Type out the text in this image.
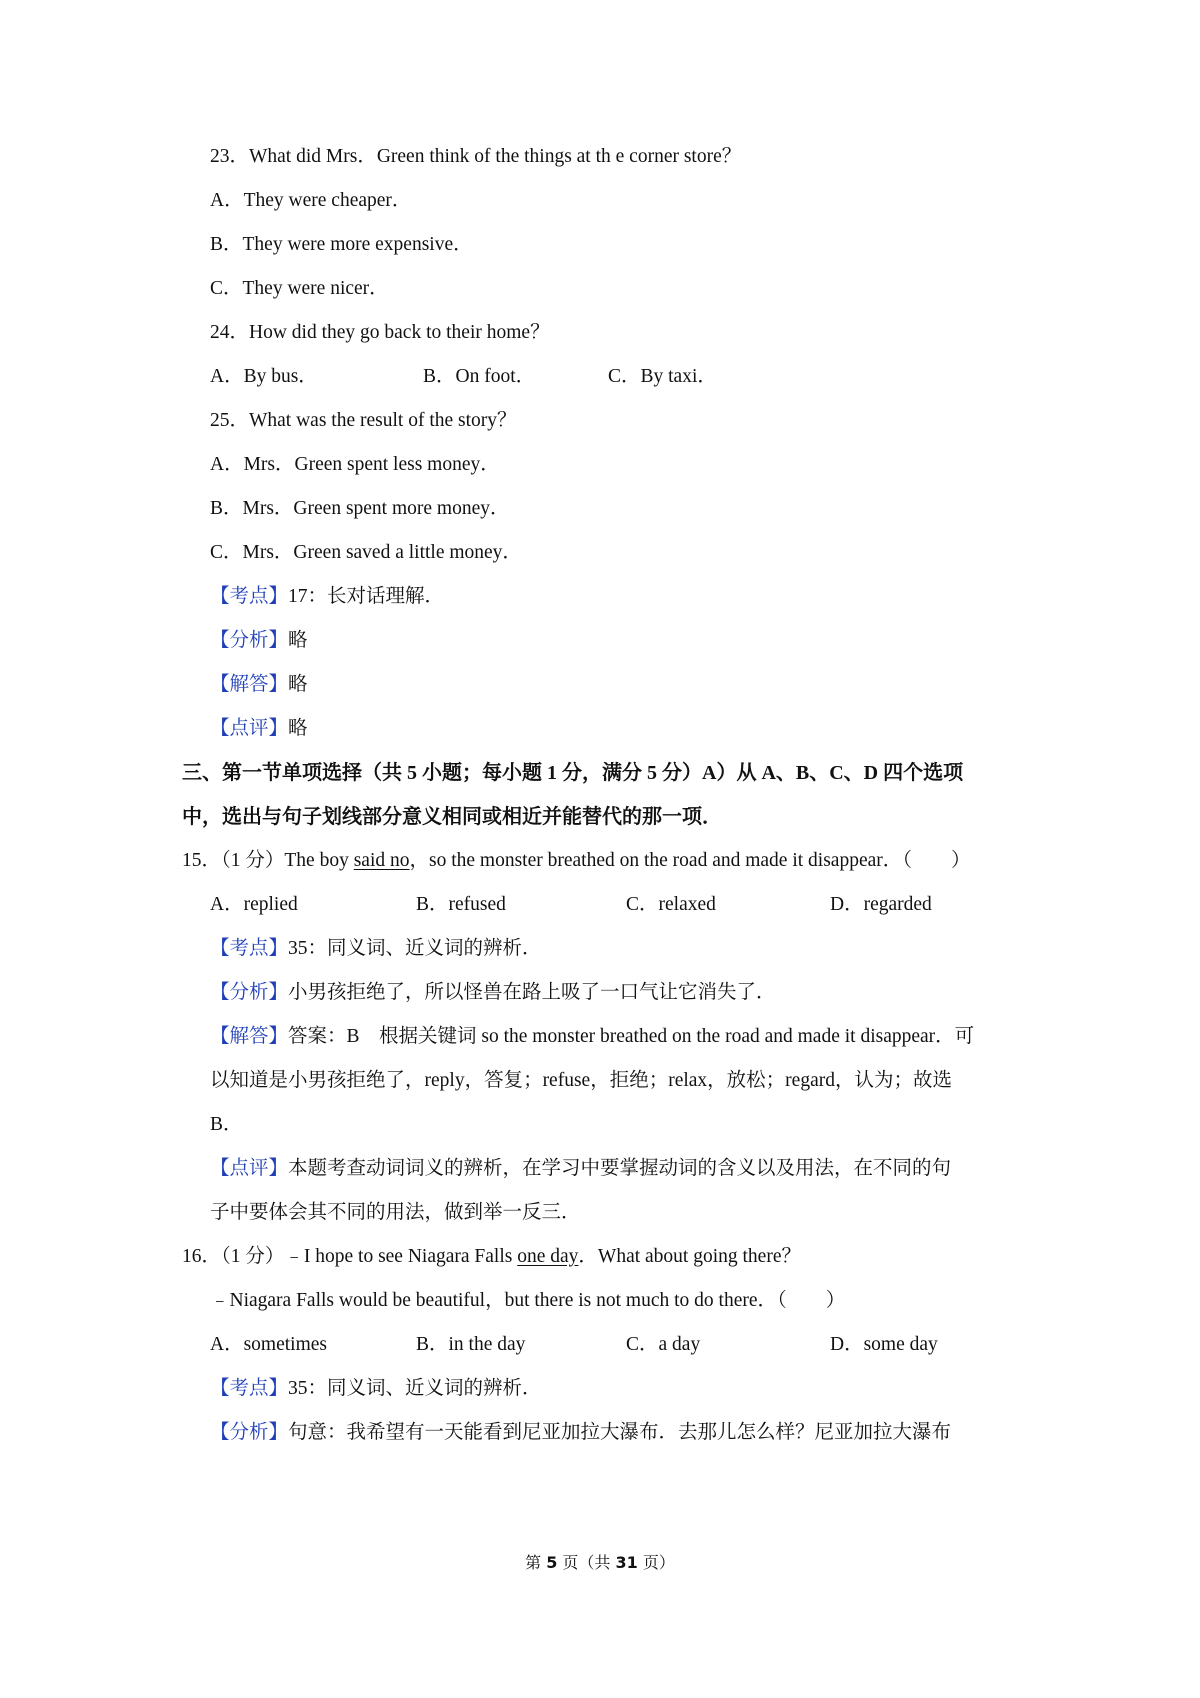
23．What did Mrs．Green think of the things at th e corner store？
A．They were cheaper．
B．They were more expensive．
C．They were nicer．
24．How did they go back to their home？
A．By bus．	B．On foot．	C．By taxi．
25．What was the result of the story？
A．Mrs．Green spent less money．
B．Mrs．Green spent more money．
C．Mrs．Green saved a little money．
【考点】17：长对话理解．
【分析】略
【解答】略
【点评】略
三、第一节单项选择（共 5 小题；每小题 1 分，满分 5 分）A）从 A、B、C、D 四个选项
中，选出与句子划线部分意义相同或相近并能替代的那一项．
15．（1 分）The boy said no，so the monster breathed on the road and made it disappear．（　　）
A．replied	B．refused	C．relaxed	D．regarded
【考点】35：同义词、近义词的辨析．
【分析】小男孩拒绝了，所以怪兽在路上吸了一口气让它消失了．
【解答】答案：B　根据关键词 so the monster breathed on the road and made it disappear．可
以知道是小男孩拒绝了，reply，答复；refuse，拒绝；relax，放松；regard，认为；故选
B．
【点评】本题考查动词词义的辨析，在学习中要掌握动词的含义以及用法，在不同的句
子中要体会其不同的用法，做到举一反三．
16．（1 分）﹣I hope to see Niagara Falls one day．What about going there？
﹣Niagara Falls would be beautiful，but there is not much to do there．（　　）
A．sometimes	B．in the day	C．a day	D．some day
【考点】35：同义词、近义词的辨析．
【分析】句意：我希望有一天能看到尼亚加拉大瀑布．去那儿怎么样？尼亚加拉大瀑布
第 5 页（共 31 页）
